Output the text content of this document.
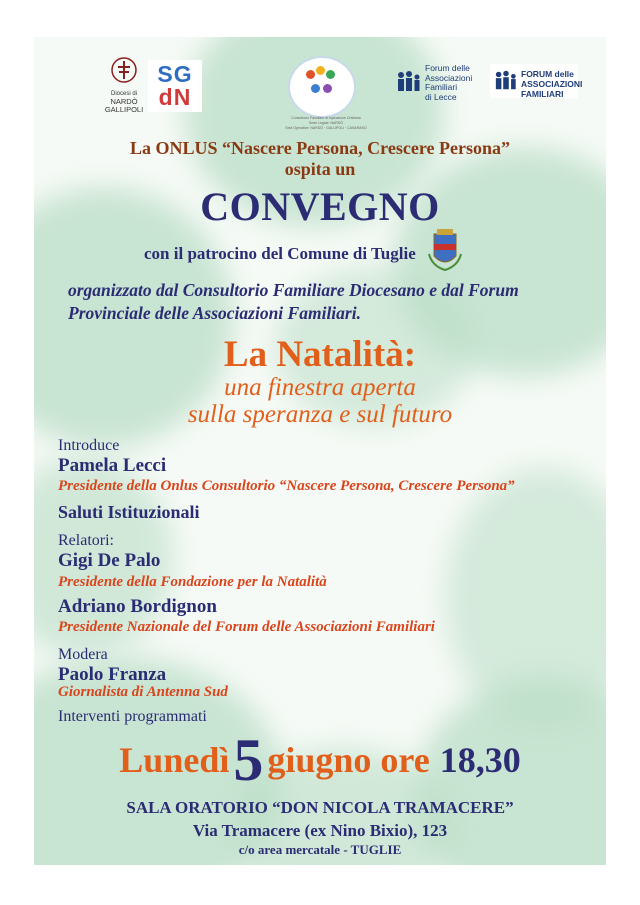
Diocesi di
NARDÒ
GALLIPOLI
SG
dN
Consultorio Familiare di Ispirazione Cristiana
Sede Legale: NARDÒ
Sedi Operative: NARDÒ · GALLIPOLI · CASARANO
Forum delle
Associazioni
Familiari
di Lecce
FORUM delle
ASSOCIAZIONI
FAMILIARI
La ONLUS “Nascere Persona, Crescere Persona”
ospita un
CONVEGNO
con il patrocino del Comune di Tuglie
organizzato dal Consultorio Familiare Diocesano e dal Forum
Provinciale delle Associazioni Familiari.
La Natalità:
una finestra aperta
sulla speranza e sul futuro
Introduce
Pamela Lecci
Presidente della Onlus Consultorio “Nascere Persona, Crescere Persona”
Saluti Istituzionali
Relatori:
Gigi De Palo
Presidente della Fondazione per la Natalità
Adriano Bordignon
Presidente Nazionale del Forum delle Associazioni Familiari
Modera
Paolo Franza
Giornalista di Antenna Sud
Interventi programmati
Lunedì 5 giugno ore 18,30
SALA ORATORIO “DON NICOLA TRAMACERE”
Via Tramacere (ex Nino Bixio), 123
c/o area mercatale - TUGLIE
